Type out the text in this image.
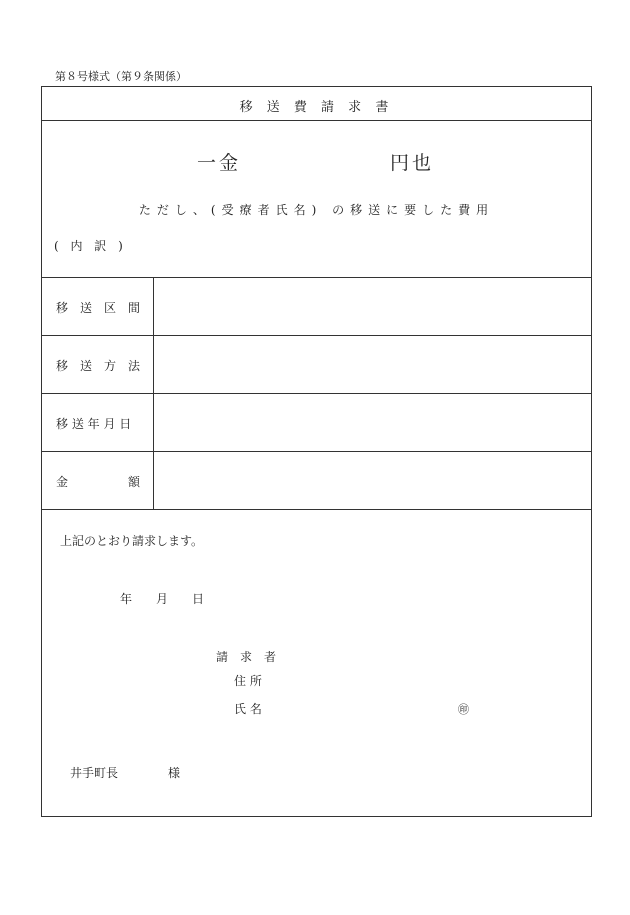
第８号様式（第９条関係）
移 送 費 請 求 書
一金	円也
ただし、(受療者氏名) の移送に要した費用
( 内 訳 )
移　送　区　間
移　送　方　法
移 送 年 月 日
金　　　　　額
上記のとおり請求します。
年　　月　　日
請　求　者
住 所
氏 名	㊞
井手町長	様
